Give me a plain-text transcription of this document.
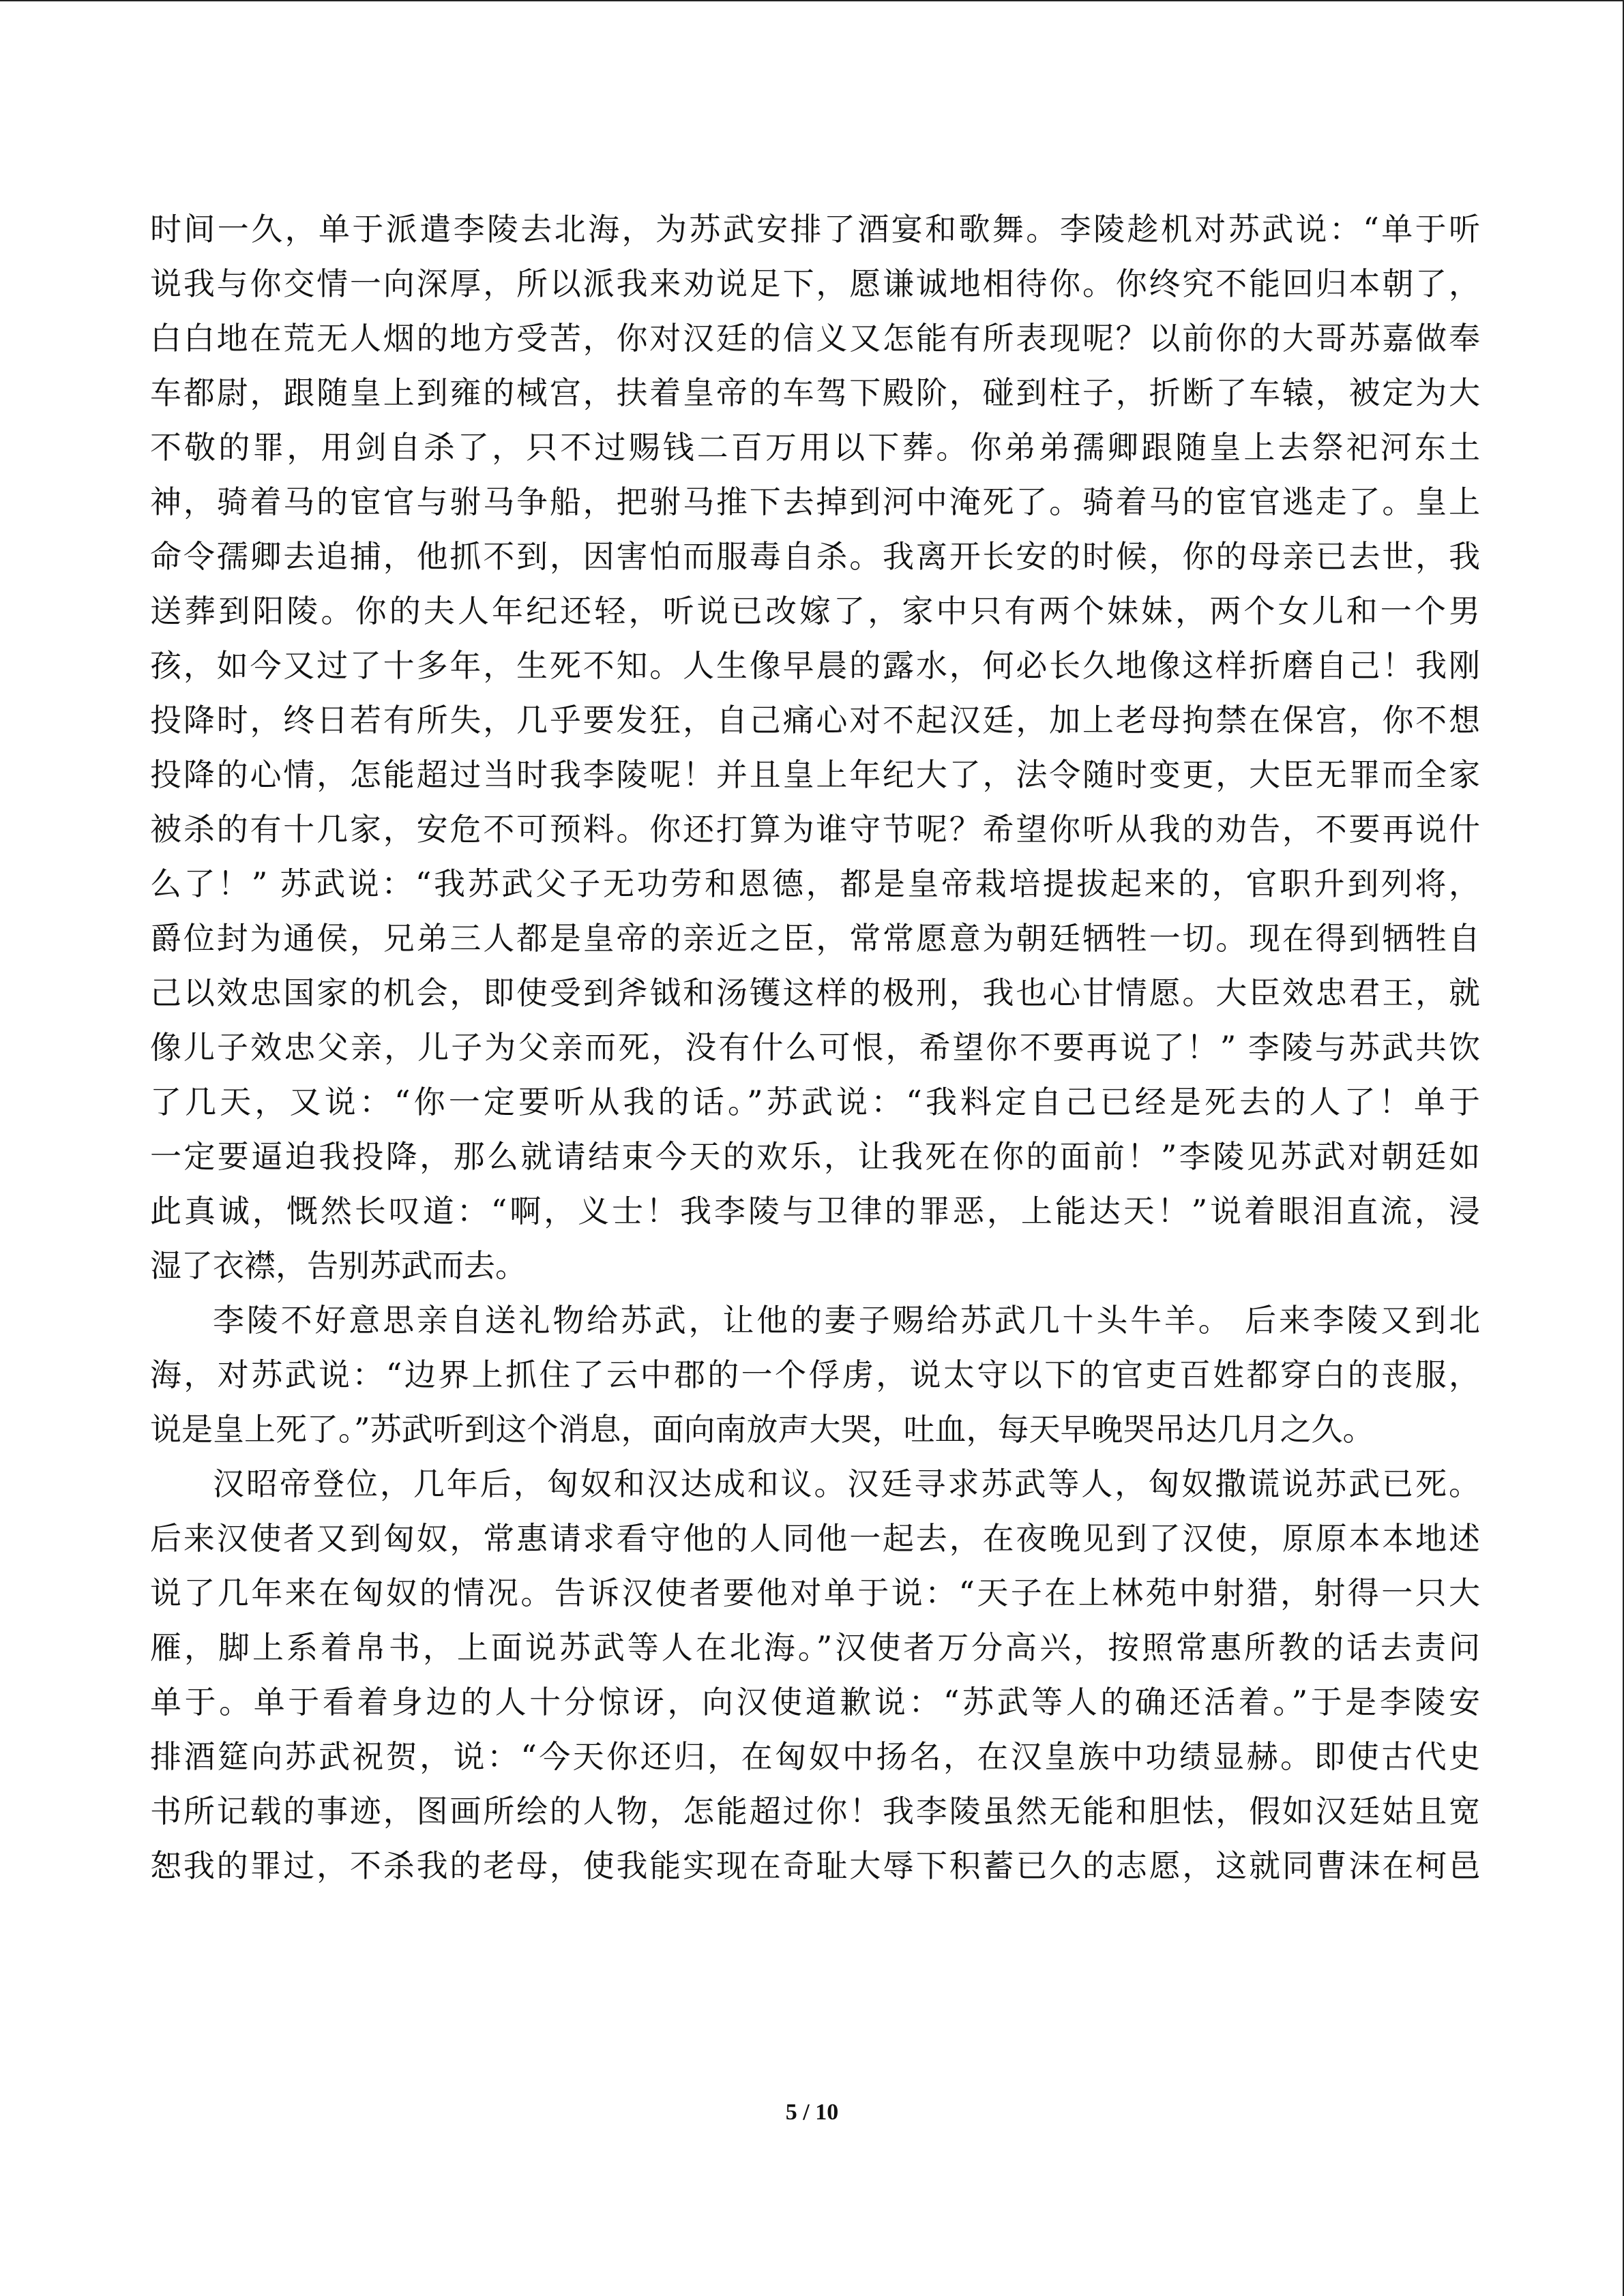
时间一久，单于派遣李陵去北海，为苏武安排了酒宴和歌舞。李陵趁机对苏武说：“单于听
说我与你交情一向深厚，所以派我来劝说足下，愿谦诚地相待你。你终究不能回归本朝了，
白白地在荒无人烟的地方受苦，你对汉廷的信义又怎能有所表现呢？以前你的大哥苏嘉做奉
车都尉，跟随皇上到雍的棫宫，扶着皇帝的车驾下殿阶，碰到柱子，折断了车辕，被定为大
不敬的罪，用剑自杀了，只不过赐钱二百万用以下葬。你弟弟孺卿跟随皇上去祭祀河东土
神，骑着马的宦官与驸马争船，把驸马推下去掉到河中淹死了。骑着马的宦官逃走了。皇上
命令孺卿去追捕，他抓不到，因害怕而服毒自杀。我离开长安的时候，你的母亲已去世，我
送葬到阳陵。你的夫人年纪还轻，听说已改嫁了，家中只有两个妹妹，两个女儿和一个男
孩，如今又过了十多年，生死不知。人生像早晨的露水，何必长久地像这样折磨自己！我刚
投降时，终日若有所失，几乎要发狂，自己痛心对不起汉廷，加上老母拘禁在保宫，你不想
投降的心情，怎能超过当时我李陵呢！并且皇上年纪大了，法令随时变更，大臣无罪而全家
被杀的有十几家，安危不可预料。你还打算为谁守节呢？希望你听从我的劝告，不要再说什
么了！” 苏武说：“我苏武父子无功劳和恩德，都是皇帝栽培提拔起来的，官职升到列将，
爵位封为通侯，兄弟三人都是皇帝的亲近之臣，常常愿意为朝廷牺牲一切。现在得到牺牲自
己以效忠国家的机会，即使受到斧钺和汤镬这样的极刑，我也心甘情愿。大臣效忠君王，就
像儿子效忠父亲，儿子为父亲而死，没有什么可恨，希望你不要再说了！” 李陵与苏武共饮
了几天，又说：“你一定要听从我的话。”苏武说：“我料定自己已经是死去的人了！单于
一定要逼迫我投降，那么就请结束今天的欢乐，让我死在你的面前！”李陵见苏武对朝廷如
此真诚，慨然长叹道：“啊，义士！我李陵与卫律的罪恶，上能达天！”说着眼泪直流，浸
湿了衣襟，告别苏武而去。
李陵不好意思亲自送礼物给苏武，让他的妻子赐给苏武几十头牛羊。 后来李陵又到北
海，对苏武说：“边界上抓住了云中郡的一个俘虏，说太守以下的官吏百姓都穿白的丧服，
说是皇上死了。”苏武听到这个消息，面向南放声大哭，吐血，每天早晚哭吊达几月之久。
汉昭帝登位，几年后，匈奴和汉达成和议。汉廷寻求苏武等人，匈奴撒谎说苏武已死。
后来汉使者又到匈奴，常惠请求看守他的人同他一起去，在夜晚见到了汉使，原原本本地述
说了几年来在匈奴的情况。告诉汉使者要他对单于说：“天子在上林苑中射猎，射得一只大
雁，脚上系着帛书，上面说苏武等人在北海。”汉使者万分高兴，按照常惠所教的话去责问
单于。单于看着身边的人十分惊讶，向汉使道歉说：“苏武等人的确还活着。”于是李陵安
排酒筵向苏武祝贺，说：“今天你还归，在匈奴中扬名，在汉皇族中功绩显赫。即使古代史
书所记载的事迹，图画所绘的人物，怎能超过你！我李陵虽然无能和胆怯，假如汉廷姑且宽
恕我的罪过，不杀我的老母，使我能实现在奇耻大辱下积蓄已久的志愿，这就同曹沫在柯邑
5 / 10
